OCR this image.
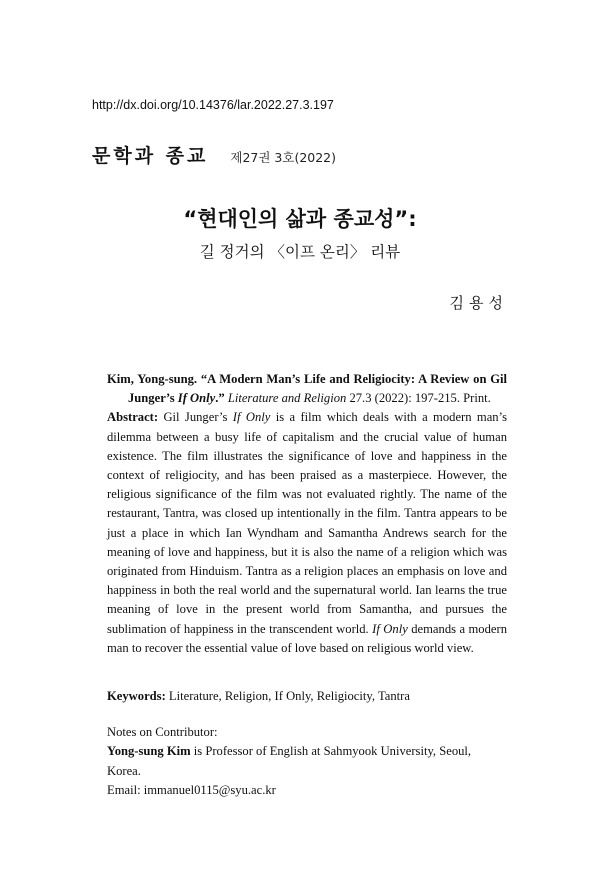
http://dx.doi.org/10.14376/lar.2022.27.3.197
문학과 종교 제27권 3호(2022)
“현대인의 삶과 종교성”:
길 정거의 〈이프 온리〉 리뷰
김용성
Kim, Yong-sung. “A Modern Man’s Life and Religiocity: A Review on Gil
Junger’s If Only.” Literature and Religion 27.3 (2022): 197-215. Print.

Abstract: Gil Junger’s If Only is a film which deals with a modern man’s dilemma between a busy life of capitalism and the crucial value of human existence. The film illustrates the significance of love and happiness in the context of religiocity, and has been praised as a masterpiece. However, the religious significance of the film was not evaluated rightly. The name of the restaurant, Tantra, was closed up intentionally in the film. Tantra appears to be just a place in which Ian Wyndham and Samantha Andrews search for the meaning of love and happiness, but it is also the name of a religion which was originated from Hinduism. Tantra as a religion places an emphasis on love and happiness in both the real world and the supernatural world. Ian learns the true meaning of love in the present world from Samantha, and pursues the sublimation of happiness in the transcendent world. If Only demands a modern man to recover the essential value of love based on religious world view.

Keywords: Literature, Religion, If Only, Religiocity, Tantra
Notes on Contributor:
Yong-sung Kim is Professor of English at Sahmyook University, Seoul, Korea.
Email: immanuel0115@syu.ac.kr
